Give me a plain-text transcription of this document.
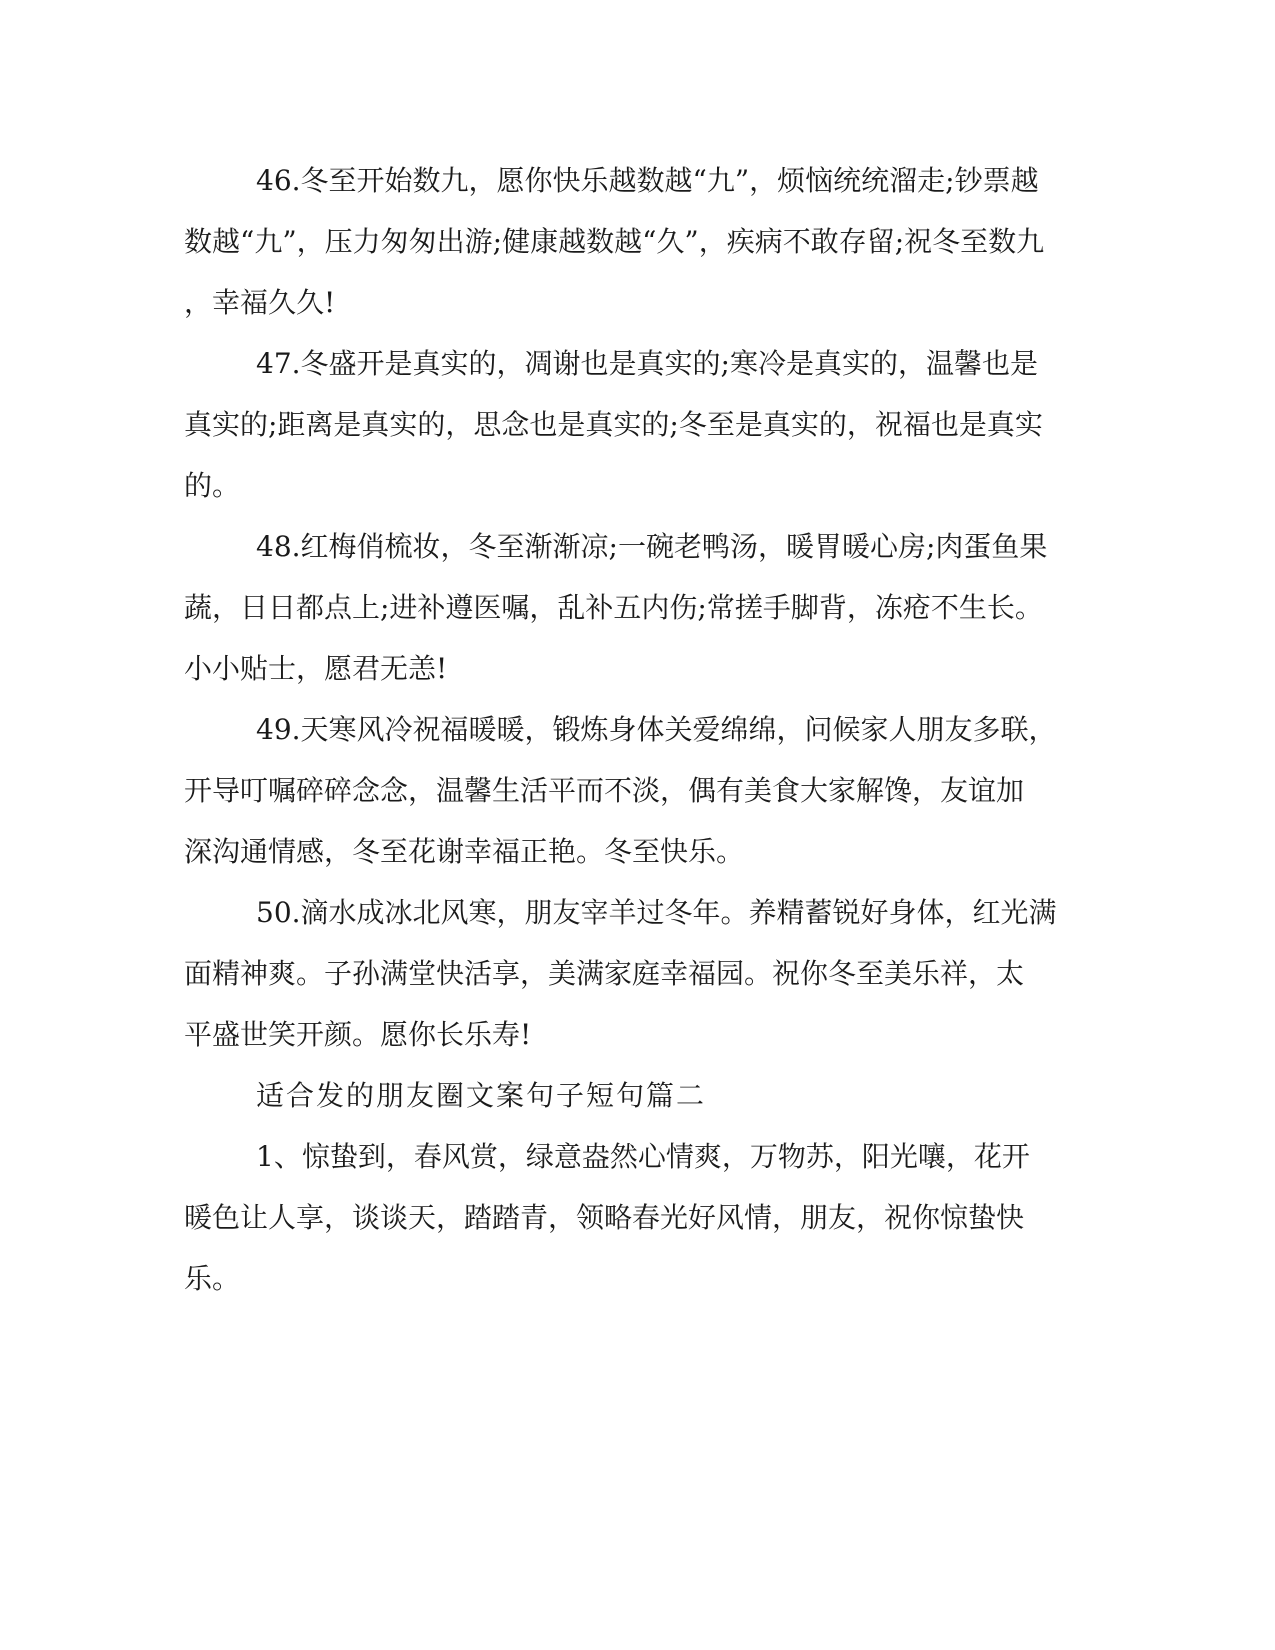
46.冬至开始数九，愿你快乐越数越“九”，烦恼统统溜走;钞票越
数越“九”，压力匆匆出游;健康越数越“久”，疾病不敢存留;祝冬至数九
，幸福久久!
47.冬盛开是真实的，凋谢也是真实的;寒冷是真实的，温馨也是
真实的;距离是真实的，思念也是真实的;冬至是真实的，祝福也是真实
的。
48.红梅俏梳妆，冬至渐渐凉;一碗老鸭汤，暖胃暖心房;肉蛋鱼果
蔬，日日都点上;进补遵医嘱，乱补五内伤;常搓手脚背，冻疮不生长。
小小贴士，愿君无恙!
49.天寒风冷祝福暖暖，锻炼身体关爱绵绵，问候家人朋友多联，
开导叮嘱碎碎念念，温馨生活平而不淡，偶有美食大家解馋，友谊加
深沟通情感，冬至花谢幸福正艳。冬至快乐。
50.滴水成冰北风寒，朋友宰羊过冬年。养精蓄锐好身体，红光满
面精神爽。子孙满堂快活享，美满家庭幸福园。祝你冬至美乐祥，太
平盛世笑开颜。愿你长乐寿!
适合发的朋友圈文案句子短句篇二
1、惊蛰到，春风赏，绿意盎然心情爽，万物苏，阳光嚷，花开
暖色让人享，谈谈天，踏踏青，领略春光好风情，朋友，祝你惊蛰快
乐。
